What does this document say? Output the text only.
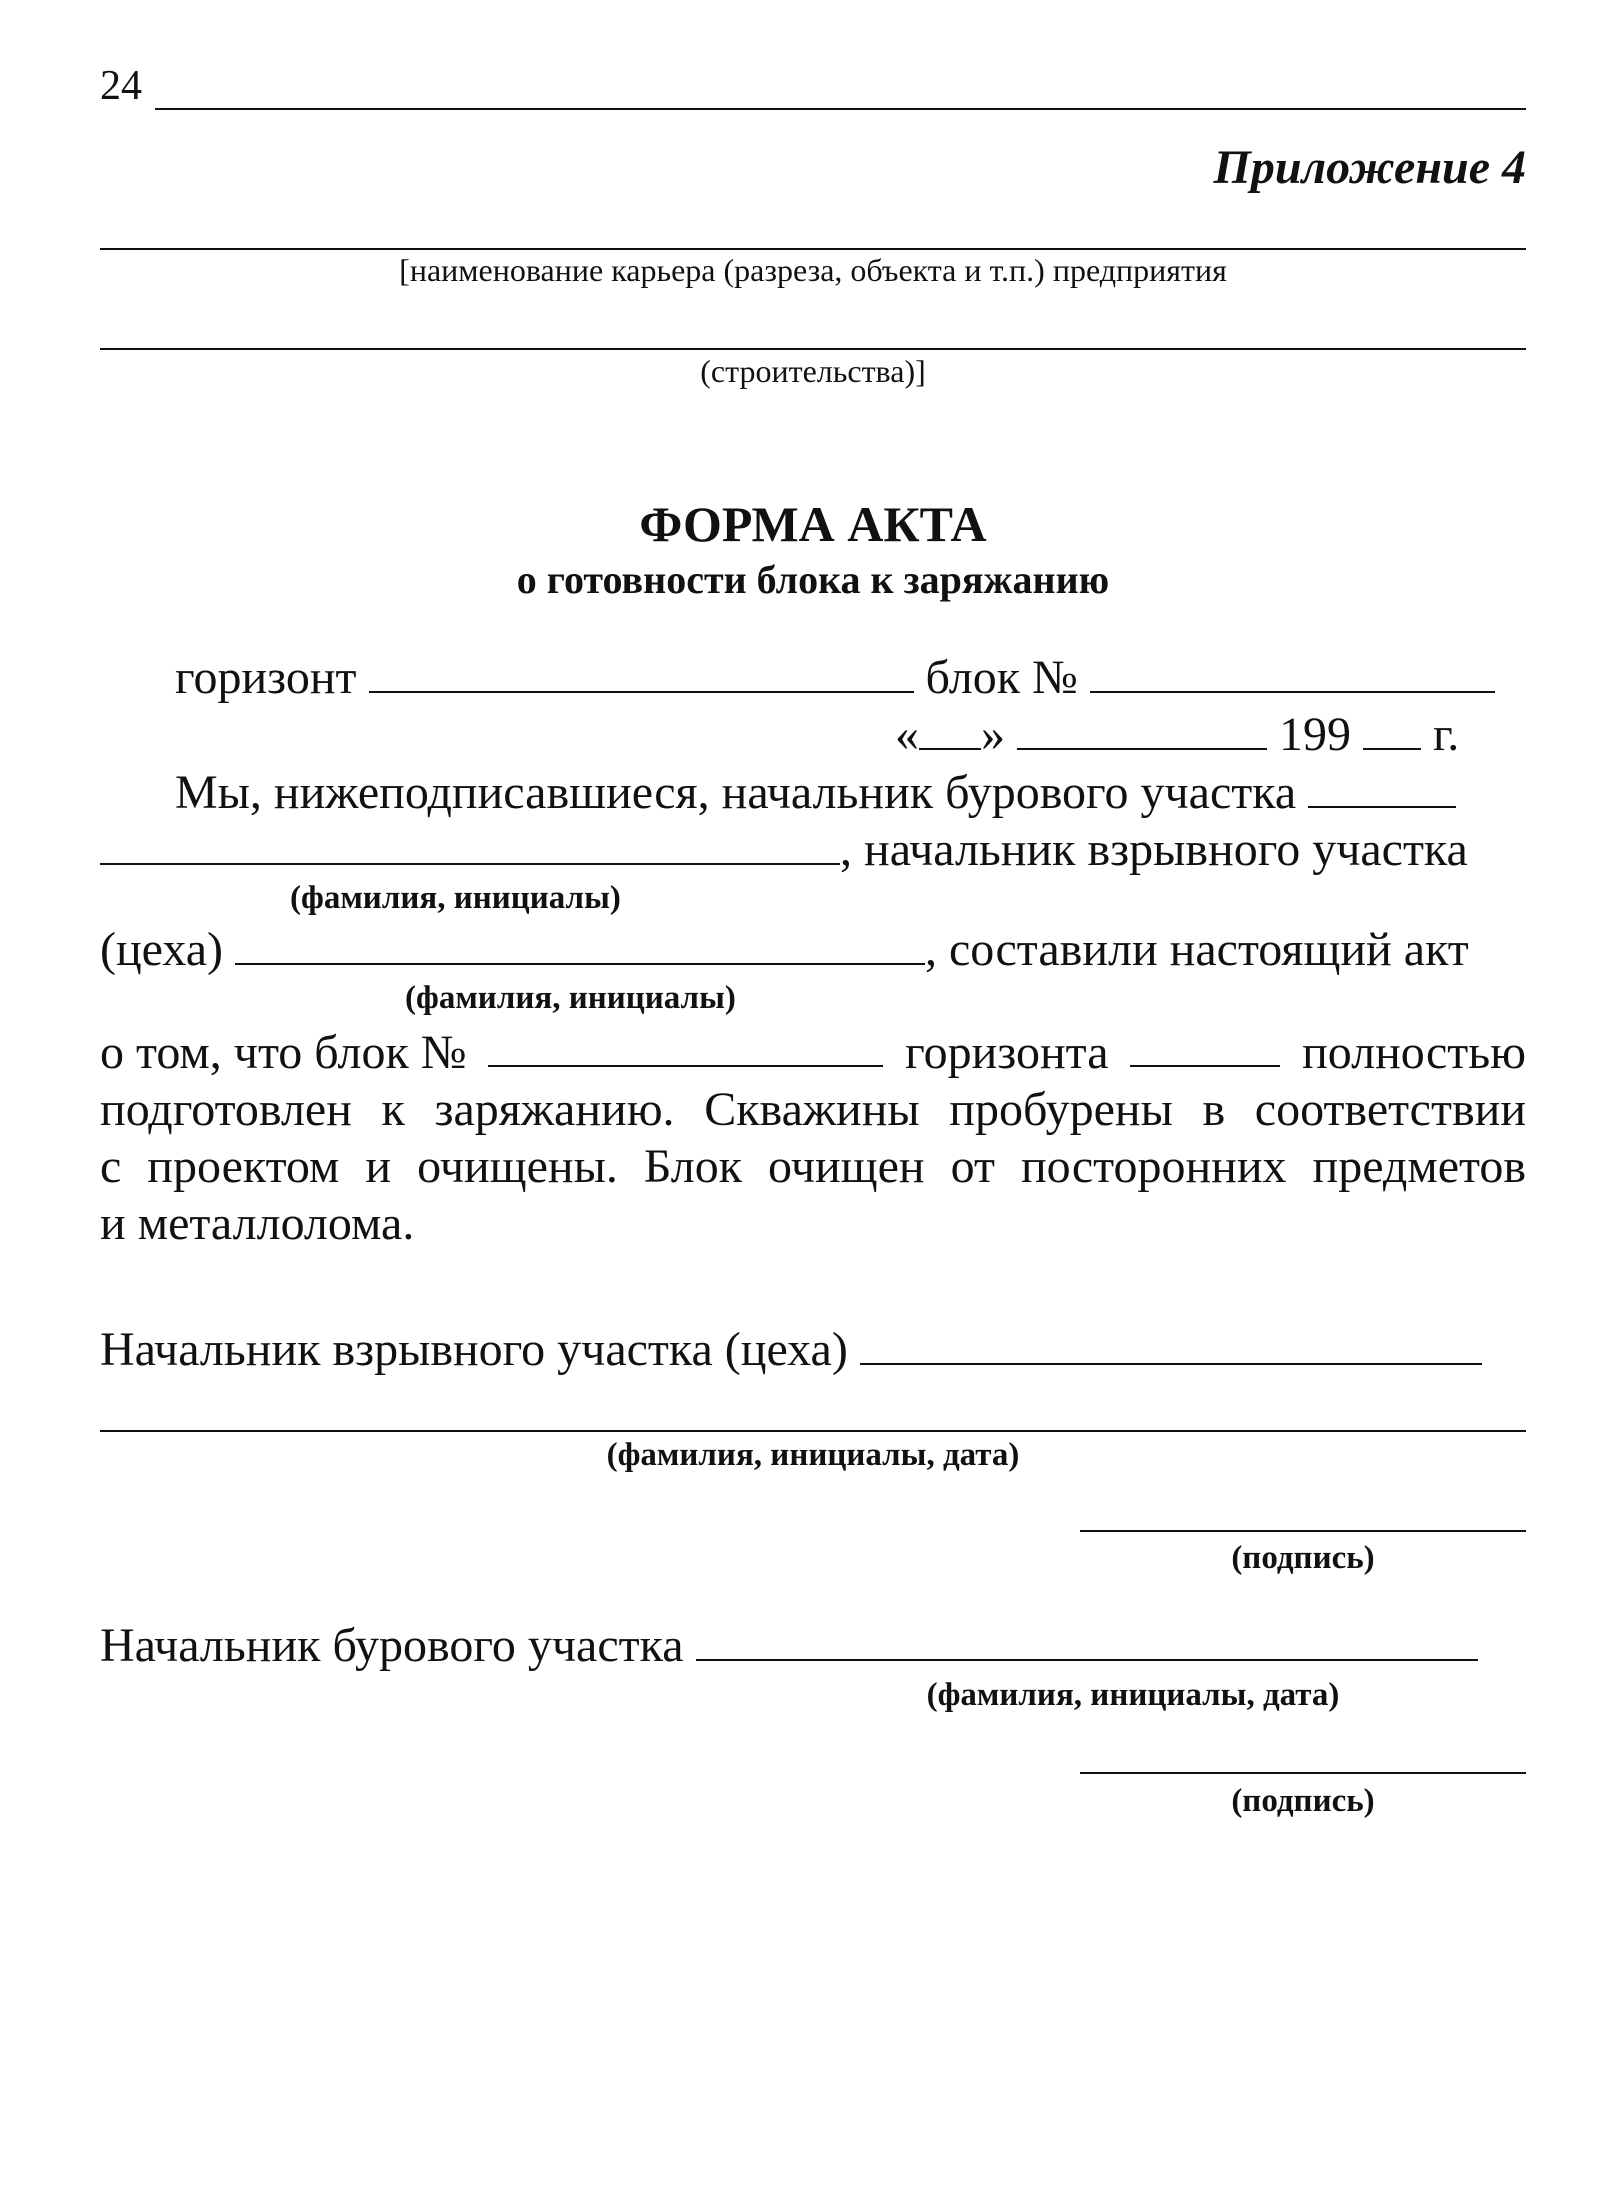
24
Приложение 4
[наименование карьера (разреза, объекта и т.п.) предприятия
(строительства)]
ФОРМА АКТА
о готовности блока к заряжанию
горизонт	блок №
« »	199 г.
Мы, нижеподписавшиеся, начальник бурового участка
, начальник взрывного участка
(фамилия, инициалы)
(цеха)	, составили настоящий акт
(фамилия, инициалы)
о том, что блок №	горизонта	полностью
подготовлен к заряжанию. Скважины пробурены в соответствии
с проектом и очищены. Блок очищен от посторонних предметов
и металлолома.
Начальник взрывного участка (цеха)
(фамилия, инициалы, дата)
(подпись)
Начальник бурового участка
(фамилия, инициалы, дата)
(подпись)
